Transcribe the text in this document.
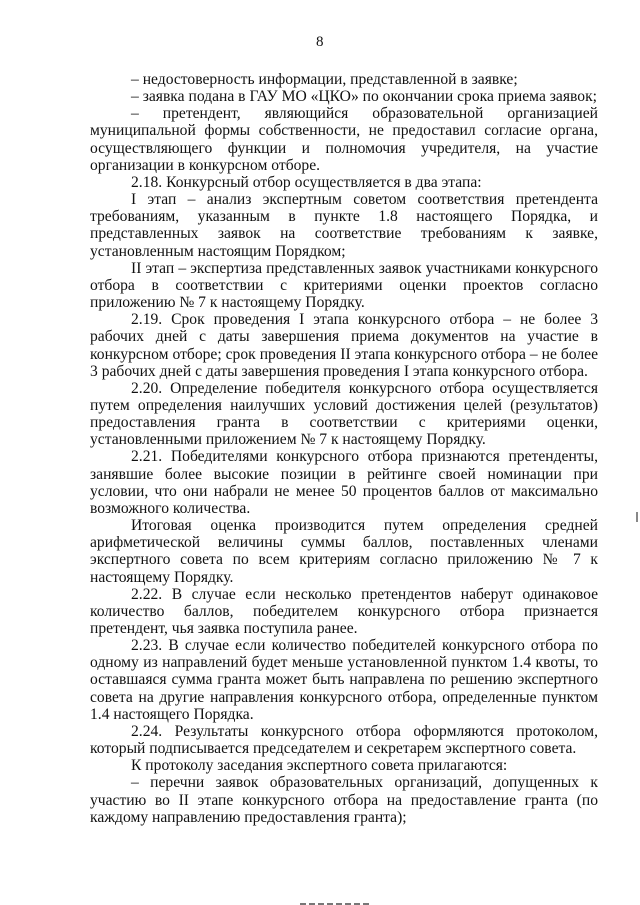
8

– недостоверность информации, представленной в заявке;

– заявка подана в ГАУ МО «ЦКО» по окончании срока приема заявок;

– претендент, являющийся образовательной организацией муниципальной формы собственности, не предоставил согласие органа, осуществляющего функции и полномочия учредителя, на участие организации в конкурсном отборе.

2.18. Конкурсный отбор осуществляется в два этапа:

I этап – анализ экспертным советом соответствия претендента требованиям, указанным в пункте 1.8 настоящего Порядка, и представленных заявок на соответствие требованиям к заявке, установленным настоящим Порядком;

II этап – экспертиза представленных заявок участниками конкурсного отбора в соответствии с критериями оценки проектов согласно приложению № 7 к настоящему Порядку.

2.19. Срок проведения I этапа конкурсного отбора – не более 3 рабочих дней с даты завершения приема документов на участие в конкурсном отборе; срок проведения II этапа конкурсного отбора – не более 3 рабочих дней с даты завершения проведения I этапа конкурсного отбора.

2.20. Определение победителя конкурсного отбора осуществляется путем определения наилучших условий достижения целей (результатов) предоставления гранта в соответствии с критериями оценки, установленными приложением № 7 к настоящему Порядку.

2.21. Победителями конкурсного отбора признаются претенденты, занявшие более высокие позиции в рейтинге своей номинации при условии, что они набрали не менее 50 процентов баллов от максимально возможного количества.

Итоговая оценка производится путем определения средней арифметической величины суммы баллов, поставленных членами экспертного совета по всем критериям согласно приложению № 7 к настоящему Порядку.

2.22. В случае если несколько претендентов наберут одинаковое количество баллов, победителем конкурсного отбора признается претендент, чья заявка поступила ранее.

2.23. В случае если количество победителей конкурсного отбора по одному из направлений будет меньше установленной пунктом 1.4 квоты, то оставшаяся сумма гранта может быть направлена по решению экспертного совета на другие направления конкурсного отбора, определенные пунктом 1.4 настоящего Порядка.

2.24. Результаты конкурсного отбора оформляются протоколом, который подписывается председателем и секретарем экспертного совета.

К протоколу заседания экспертного совета прилагаются:

– перечни заявок образовательных организаций, допущенных к участию во II этапе конкурсного отбора на предоставление гранта (по каждому направлению предоставления гранта);
